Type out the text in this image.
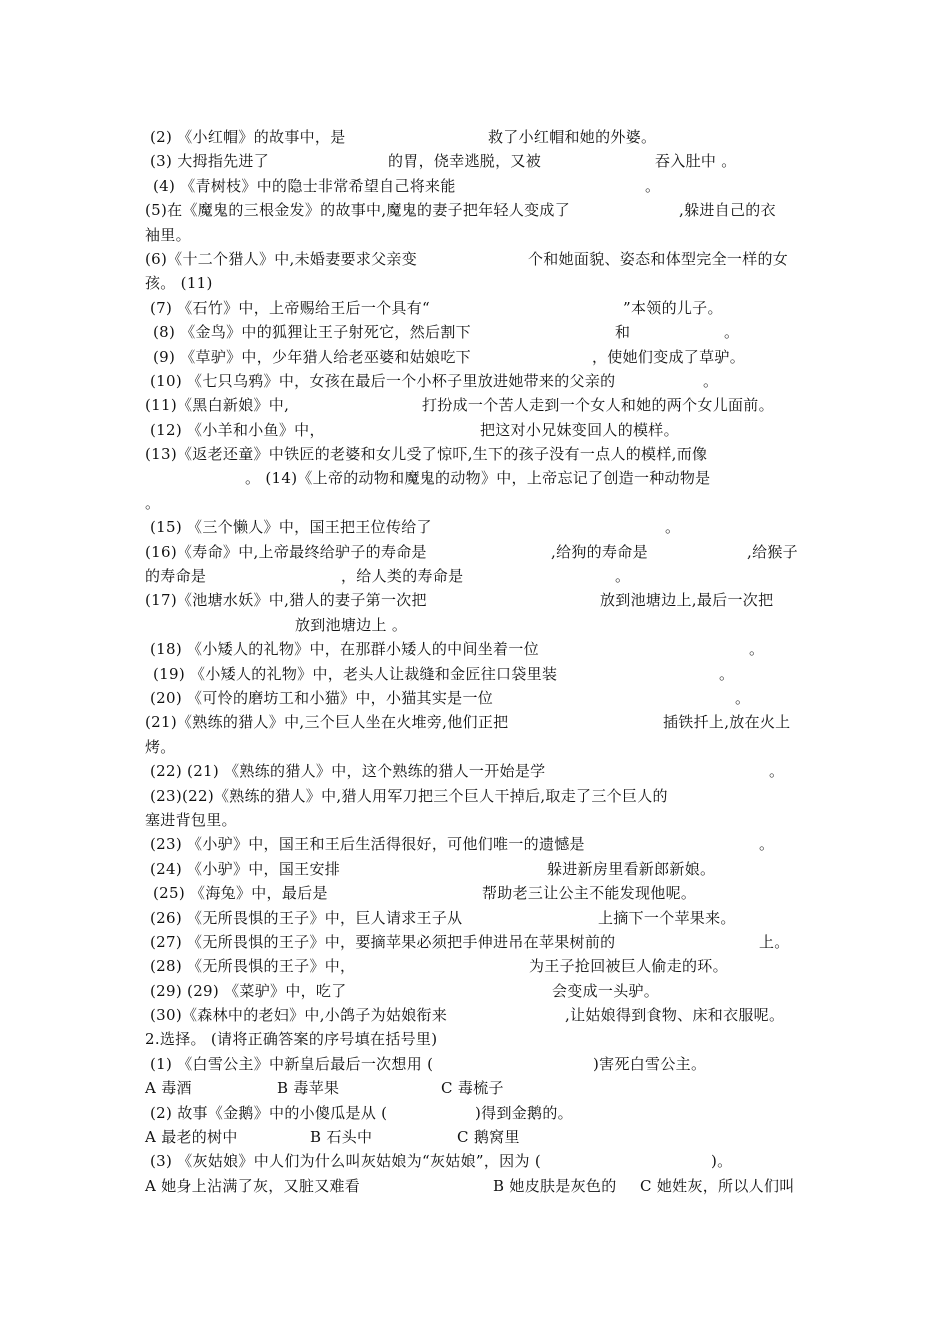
(2) 《小红帽》的故事中，是	救了小红帽和她的外婆。
(3) 大拇指先进了	的胃，侥幸逃脱，又被	吞入肚中 。
(4) 《青树枝》中的隐士非常希望自己将来能	。
(5)在《魔鬼的三根金发》的故事中,魔鬼的妻子把年轻人变成了	,躲进自己的衣
袖里。
(6)《十二个猎人》中,未婚妻要求父亲变	个和她面貌、姿态和体型完全一样的女
孩。 (11)
(7) 《石竹》中，上帝赐给王后一个具有“	”本领的儿子。
(8) 《金鸟》中的狐狸让王子射死它，然后割下	和	。
(9) 《草驴》中，少年猎人给老巫婆和姑娘吃下	，使她们变成了草驴。
(10) 《七只乌鸦》中，女孩在最后一个小杯子里放进她带来的父亲的	。
(11)《黑白新娘》中,	打扮成一个苦人走到一个女人和她的两个女儿面前。
(12) 《小羊和小鱼》中，	把这对小兄妹变回人的模样。
(13)《返老还童》中铁匠的老婆和女儿受了惊吓,生下的孩子没有一点人的模样,而像
。 (14)《上帝的动物和魔鬼的动物》中，上帝忘记了创造一种动物是
。
(15) 《三个懒人》中，国王把王位传给了	。
(16)《寿命》中,上帝最终给驴子的寿命是	,给狗的寿命是	,给猴子
的寿命是	，给人类的寿命是	。
(17)《池塘水妖》中,猎人的妻子第一次把	放到池塘边上,最后一次把
放到池塘边上 。
(18) 《小矮人的礼物》中，在那群小矮人的中间坐着一位	。
(19) 《小矮人的礼物》中，老头人让裁缝和金匠往口袋里装	。
(20) 《可怜的磨坊工和小猫》中，小猫其实是一位	。
(21)《熟练的猎人》中,三个巨人坐在火堆旁,他们正把	插铁扦上,放在火上
烤。
(22) (21) 《熟练的猎人》中，这个熟练的猎人一开始是学	。
(23)(22)《熟练的猎人》中,猎人用军刀把三个巨人干掉后,取走了三个巨人的
塞进背包里。
(23) 《小驴》中，国王和王后生活得很好，可他们唯一的遗憾是	。
(24) 《小驴》中，国王安排	躲进新房里看新郎新娘。
(25) 《海兔》中，最后是	帮助老三让公主不能发现他呢。
(26) 《无所畏惧的王子》中，巨人请求王子从	上摘下一个苹果来。
(27) 《无所畏惧的王子》中，要摘苹果必须把手伸进吊在苹果树前的	上。
(28) 《无所畏惧的王子》中，	为王子抢回被巨人偷走的环。
(29) (29) 《菜驴》中，吃了	会变成一头驴。
(30)《森林中的老妇》中,小鸽子为姑娘衔来	,让姑娘得到食物、床和衣服呢。
2.选择。 (请将正确答案的序号填在括号里)
(1) 《白雪公主》中新皇后最后一次想用 (	)害死白雪公主。
A 毒酒	B 毒苹果	C 毒梳子
(2) 故事《金鹅》中的小傻瓜是从 (	)得到金鹅的。
A 最老的树中	B 石头中	C 鹅窝里
(3) 《灰姑娘》中人们为什么叫灰姑娘为“灰姑娘”，因为 (	)。
A 她身上沾满了灰，又脏又难看	B 她皮肤是灰色的 C 她姓灰，所以人们叫
